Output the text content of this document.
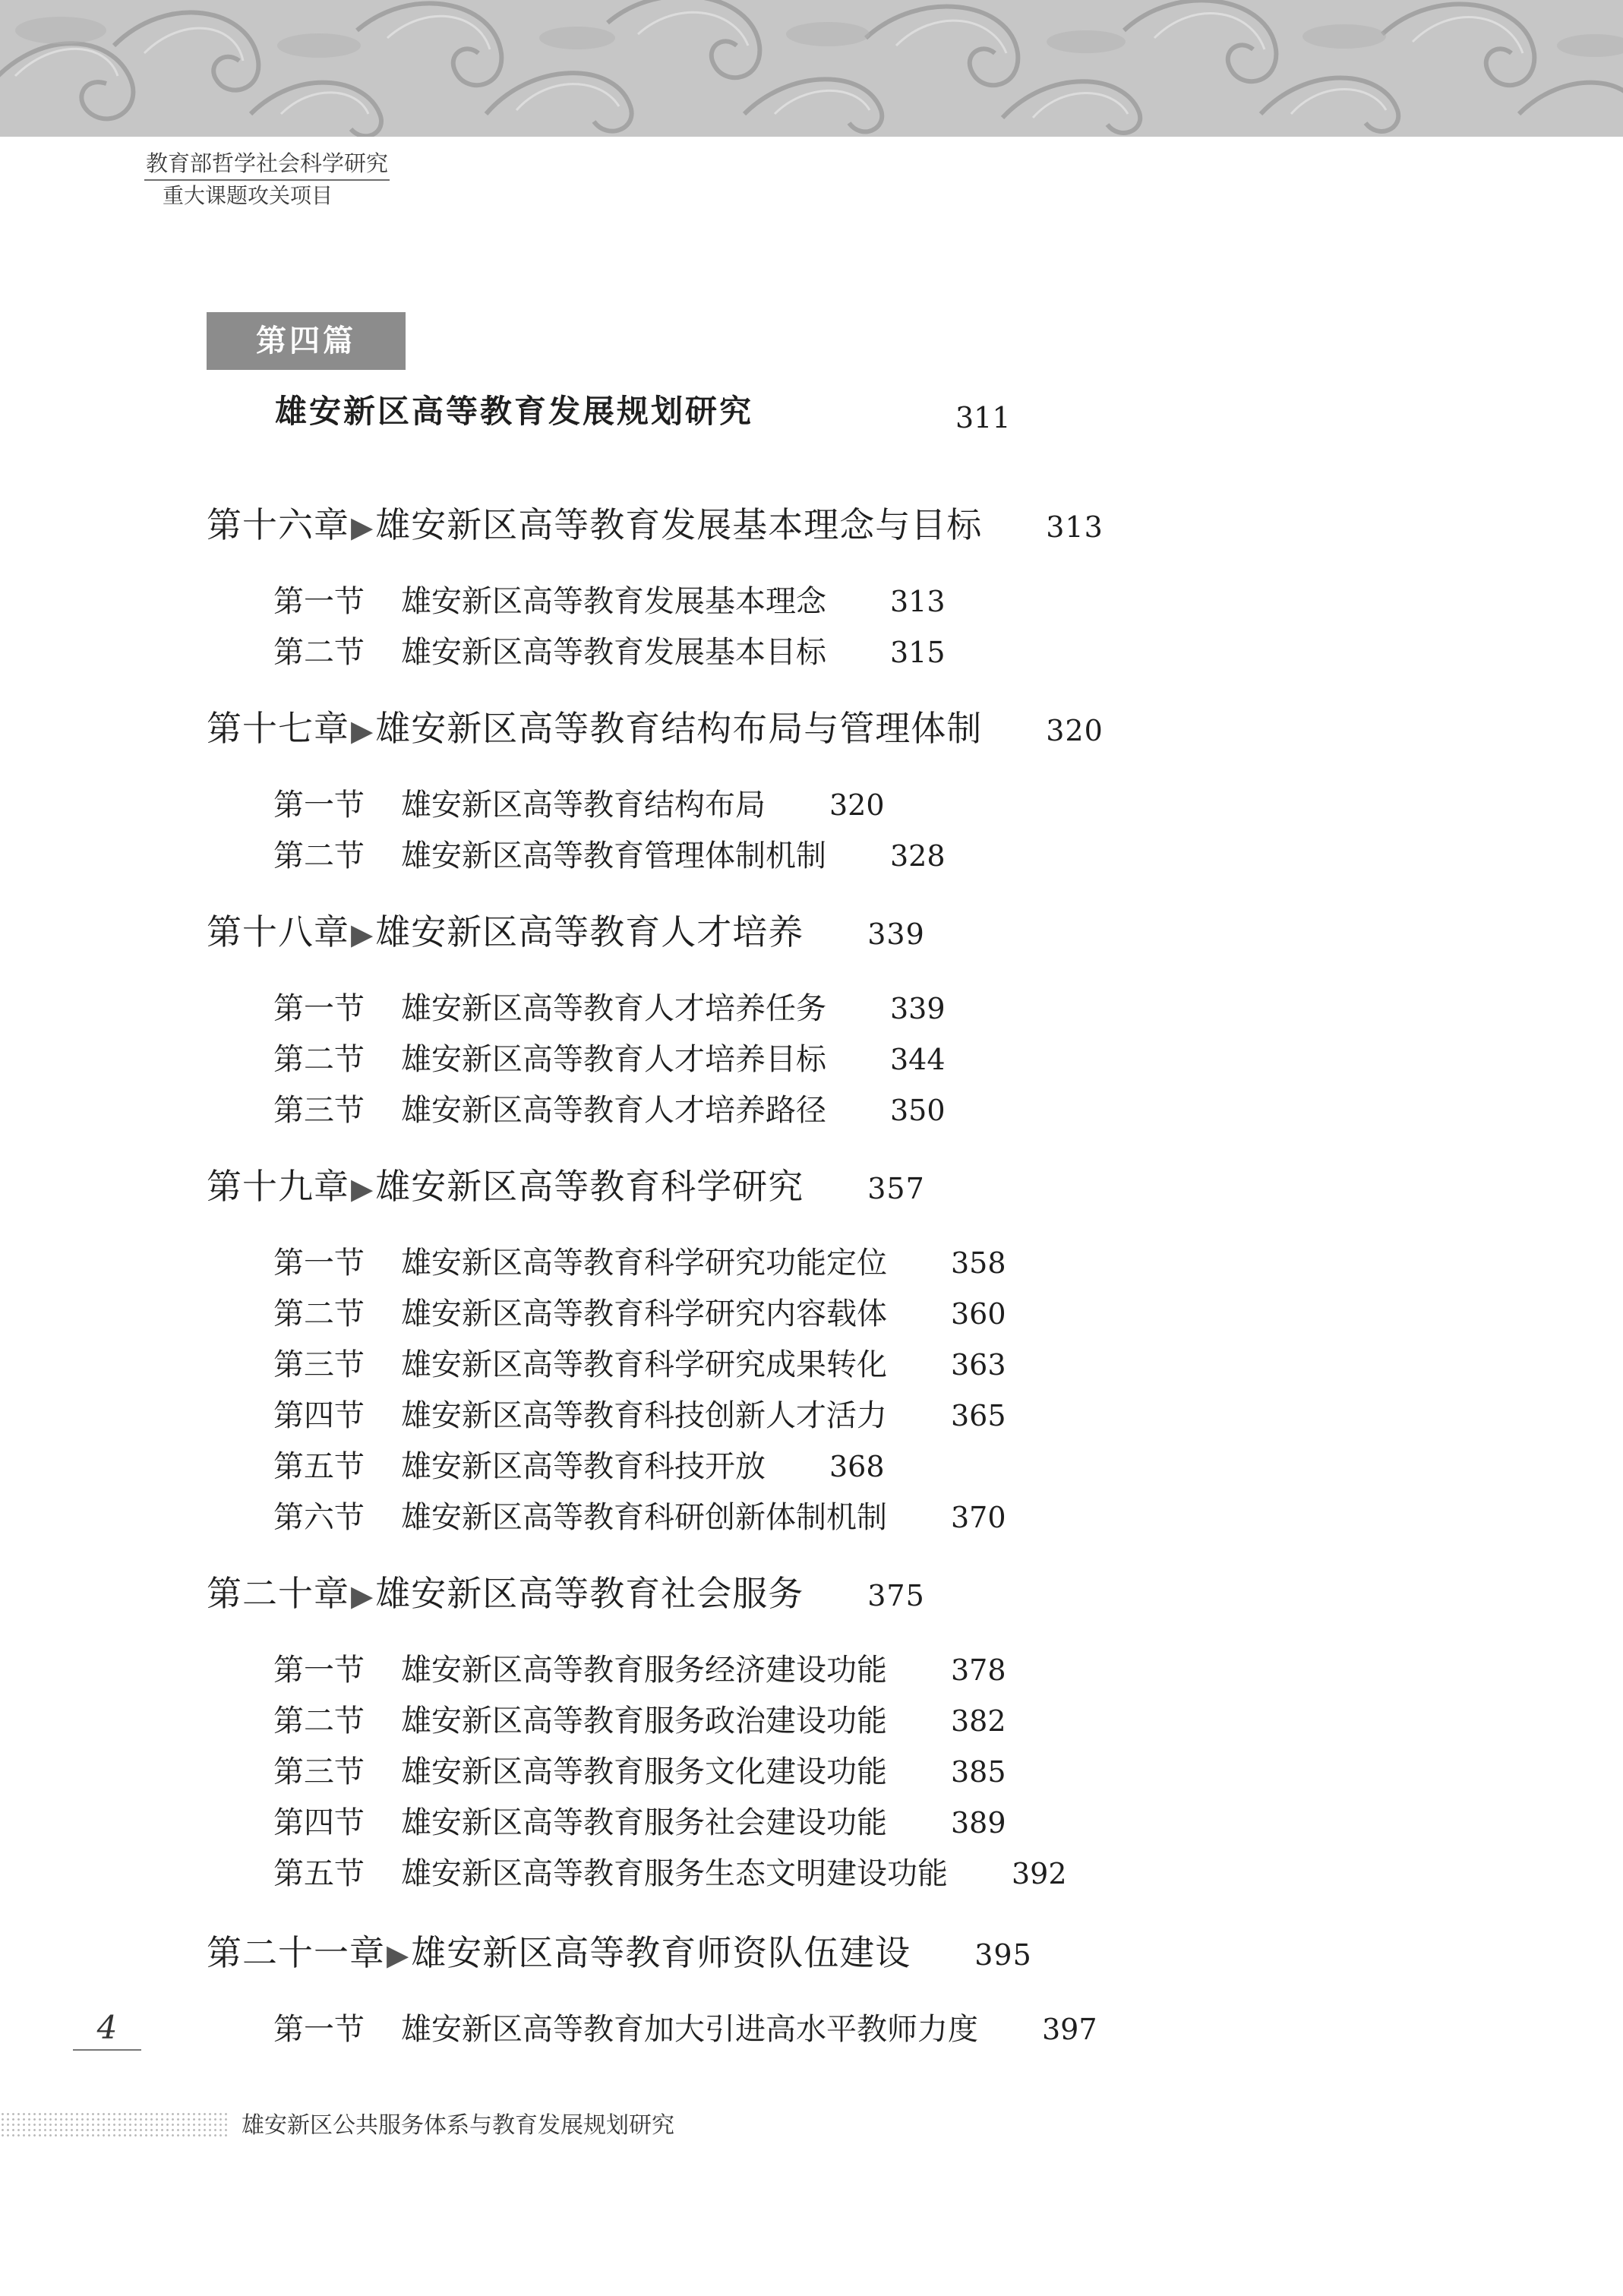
教育部哲学社会科学研究
重大课题攻关项目
第四篇
雄安新区高等教育发展规划研究	311
第十六章▶雄安新区高等教育发展基本理念与目标 313
第一节 雄安新区高等教育发展基本理念 313
第二节 雄安新区高等教育发展基本目标 315
第十七章▶雄安新区高等教育结构布局与管理体制 320
第一节 雄安新区高等教育结构布局 320
第二节 雄安新区高等教育管理体制机制 328
第十八章▶雄安新区高等教育人才培养 339
第一节 雄安新区高等教育人才培养任务 339
第二节 雄安新区高等教育人才培养目标 344
第三节 雄安新区高等教育人才培养路径 350
第十九章▶雄安新区高等教育科学研究 357
第一节 雄安新区高等教育科学研究功能定位 358
第二节 雄安新区高等教育科学研究内容载体 360
第三节 雄安新区高等教育科学研究成果转化 363
第四节 雄安新区高等教育科技创新人才活力 365
第五节 雄安新区高等教育科技开放 368
第六节 雄安新区高等教育科研创新体制机制 370
第二十章▶雄安新区高等教育社会服务 375
第一节 雄安新区高等教育服务经济建设功能 378
第二节 雄安新区高等教育服务政治建设功能 382
第三节 雄安新区高等教育服务文化建设功能 385
第四节 雄安新区高等教育服务社会建设功能 389
第五节 雄安新区高等教育服务生态文明建设功能 392
第二十一章▶雄安新区高等教育师资队伍建设 395
第一节 雄安新区高等教育加大引进高水平教师力度 397
4
雄安新区公共服务体系与教育发展规划研究
